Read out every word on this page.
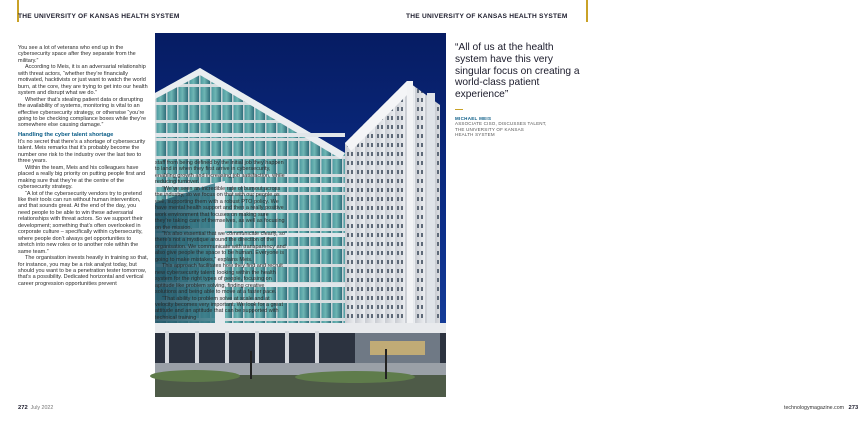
THE UNIVERSITY OF KANSAS HEALTH SYSTEM

You see a lot of veterans who end up in the cybersecurity space after they separate from the military.”

According to Meis, it is an adversarial relationship with threat actors, “whether they’re financially motivated, hacktivists or just want to watch the world burn, at the core, they are trying to get into our health system and disrupt what we do.”

Whether that’s stealing patient data or disrupting the availability of systems, monitoring is vital to an effective cybersecurity strategy, or otherwise “you’re going to be checking compliance boxes while they’re somewhere else causing damage.”

Handling the cyber talent shortage

It’s no secret that there’s a shortage of cybersecurity talent. Meis remarks that it’s probably become the number one risk to the industry over the last two to three years.

Within the team, Meis and his colleagues have placed a really big priority on putting people first and making sure that they’re at the centre of the cybersecurity strategy.

“A lot of the cybersecurity vendors try to pretend like their tools can run without human intervention, and that sounds great. At the end of the day, you need people to be able to win these adversarial relationships with threat actors. So we support their development; something that’s often overlooked in corporate culture – specifically within cybersecurity, where people don’t always get opportunities to stretch into new roles or to another role within the same team.”

The organisation invests heavily in training so that, for instance, you may be a risk analyst today, but should you want to be a penetration tester tomorrow, that’s a possibility. Dedicated horizontal and vertical career progression opportunities prevent

272 July 2022
THE UNIVERSITY OF KANSAS HEALTH SYSTEM
technologymagazine.com 273

staff from being defined by the initial job they happen to land in when they first arrive in cybersecurity, enabling growth and increasing job satisfaction, while reducing turnover.

“We’ve seen an incredible rate of burnout across the industry, so we focus on that with our people as well, supporting them with a robust PTO policy. We have mental health support and then a really positive work environment that focuses on making sure they’re taking care of themselves, as well as focusing on the mission.

“It’s also essential that we communicate clearly, so there’s not a mystique around the direction of the organisation. We communicate with transparency and also give people the space to be human. Everyone is going to make mistakes,” explains Meis.

This approach facilitates how they find and recruit new cybersecurity talent: looking within the health system for the right types of people, focusing on aptitude like problem solving, finding creative solutions and being able to move at a faster pace.

“That ability to problem solve at scale and at velocity becomes very important. We look for a great attitude and an aptitude that can be supported with technical training

“All of us at the health system have this very singular focus on creating a world-class patient experience”

MICHAEL MEIS
ASSOCIATE CISO, DISCUSSES TALENT,
THE UNIVERSITY OF KANSAS
HEALTH SYSTEM
